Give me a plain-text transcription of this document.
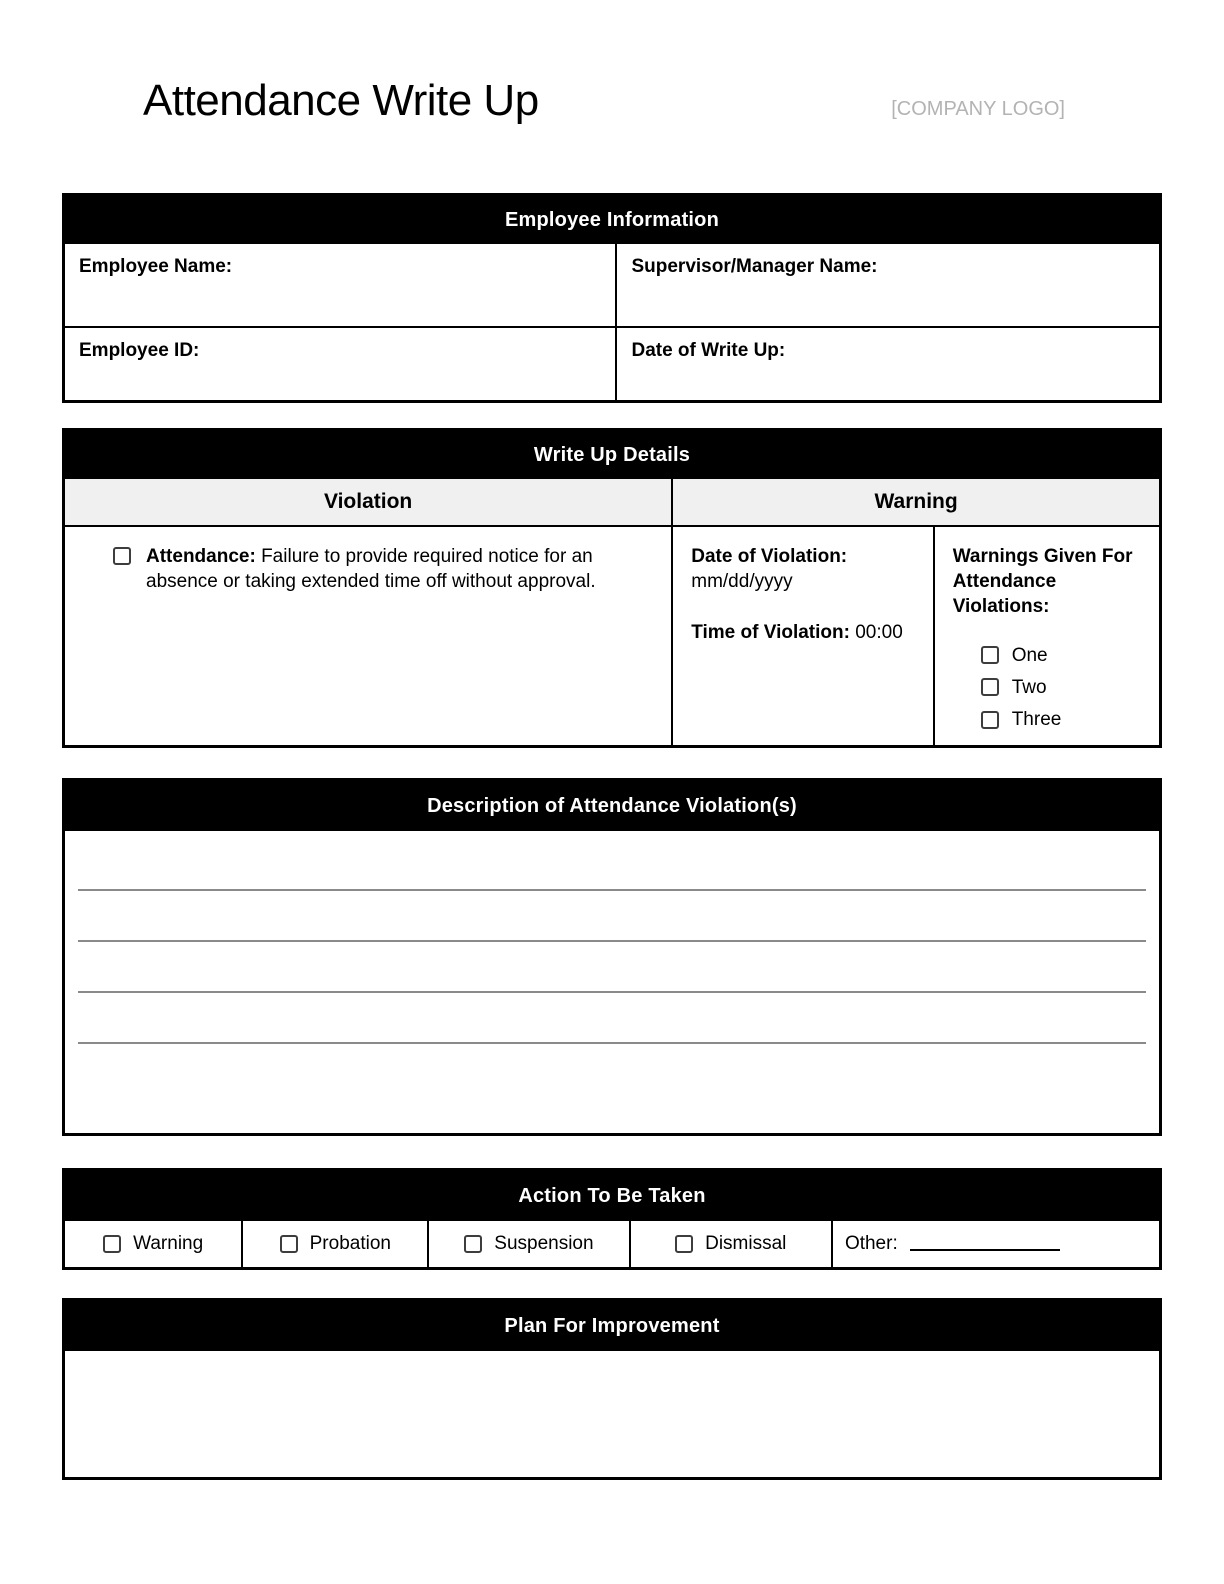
Attendance Write Up	[COMPANY LOGO]
Employee Information
Employee Name:	Supervisor/Manager Name:
Employee ID:	Date of Write Up:
Write Up Details
Violation	Warning
Attendance: Failure to provide required notice for an absence or taking extended time off without approval.
Date of Violation:
mm/dd/yyyy
Time of Violation: 00:00
Warnings Given For Attendance Violations:
One
Two
Three
Description of Attendance Violation(s)
Action To Be Taken
Warning	Probation	Suspension	Dismissal	Other:
Plan For Improvement
